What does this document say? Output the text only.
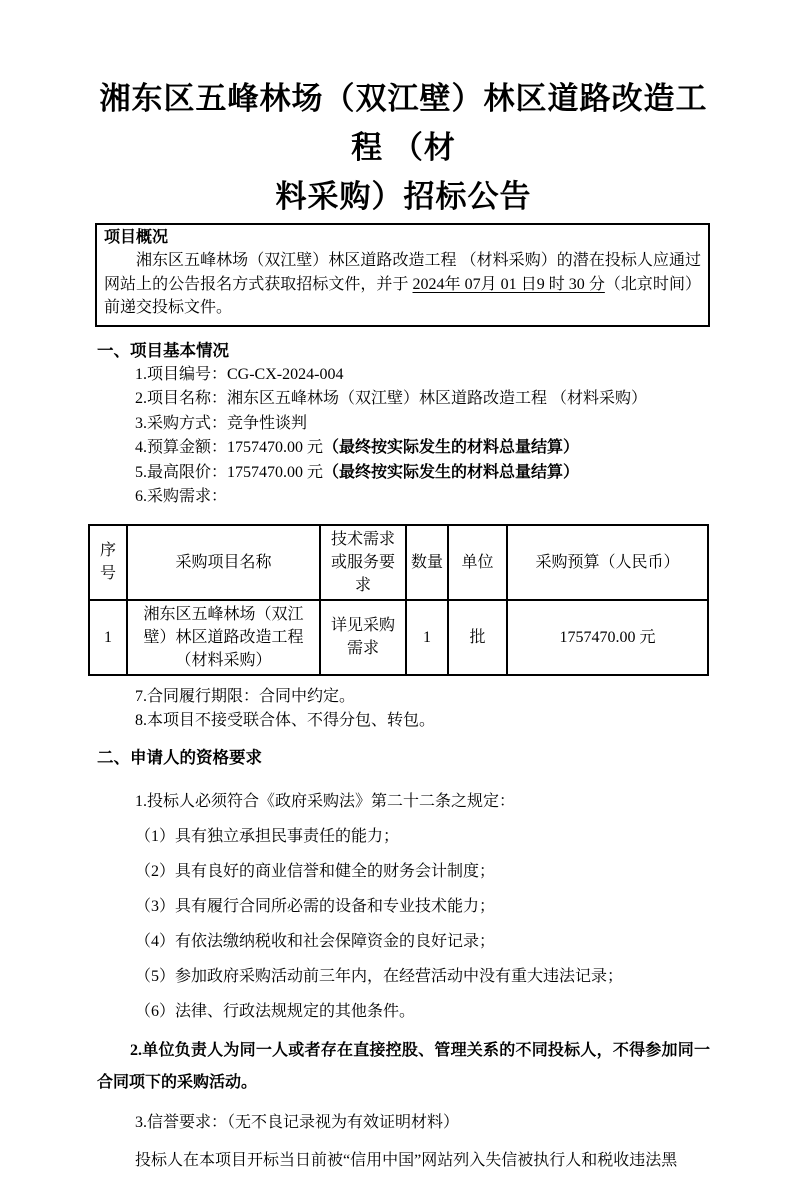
湘东区五峰林场（双江壁）林区道路改造工程 （材
料采购）招标公告
项目概况

湘东区五峰林场（双江壁）林区道路改造工程 （材料采购）的潜在投标人应通过网站上的公告报名方式获取招标文件，并于 2024年 07月 01 日9 时 30 分（北京时间）前递交投标文件。

一、项目基本情况
1.项目编号：CG-CX-2024-004
2.项目名称：湘东区五峰林场（双江壁）林区道路改造工程 （材料采购）
3.采购方式：竞争性谈判
4.预算金额：1757470.00 元（最终按实际发生的材料总量结算）
5.最高限价：1757470.00 元（最终按实际发生的材料总量结算）
6.采购需求：
序号	采购项目名称	技术需求或服务要求	数量	单位	采购预算（人民币）
1	湘东区五峰林场（双江壁）林区道路改造工程 （材料采购）	详见采购需求	1	批	1757470.00 元
7.合同履行期限：合同中约定。
8.本项目不接受联合体、不得分包、转包。
二、申请人的资格要求
1.投标人必须符合《政府采购法》第二十二条之规定：
（1）具有独立承担民事责任的能力；
（2）具有良好的商业信誉和健全的财务会计制度；
（3）具有履行合同所必需的设备和专业技术能力；
（4）有依法缴纳税收和社会保障资金的良好记录；
（5）参加政府采购活动前三年内，在经营活动中没有重大违法记录；
（6）法律、行政法规规定的其他条件。

2.单位负责人为同一人或者存在直接控股、管理关系的不同投标人，不得参加同一合同项下的采购活动。

3.信誉要求：（无不良记录视为有效证明材料）
投标人在本项目开标当日前被“信用中国”网站列入失信被执行人和税收违法黑
